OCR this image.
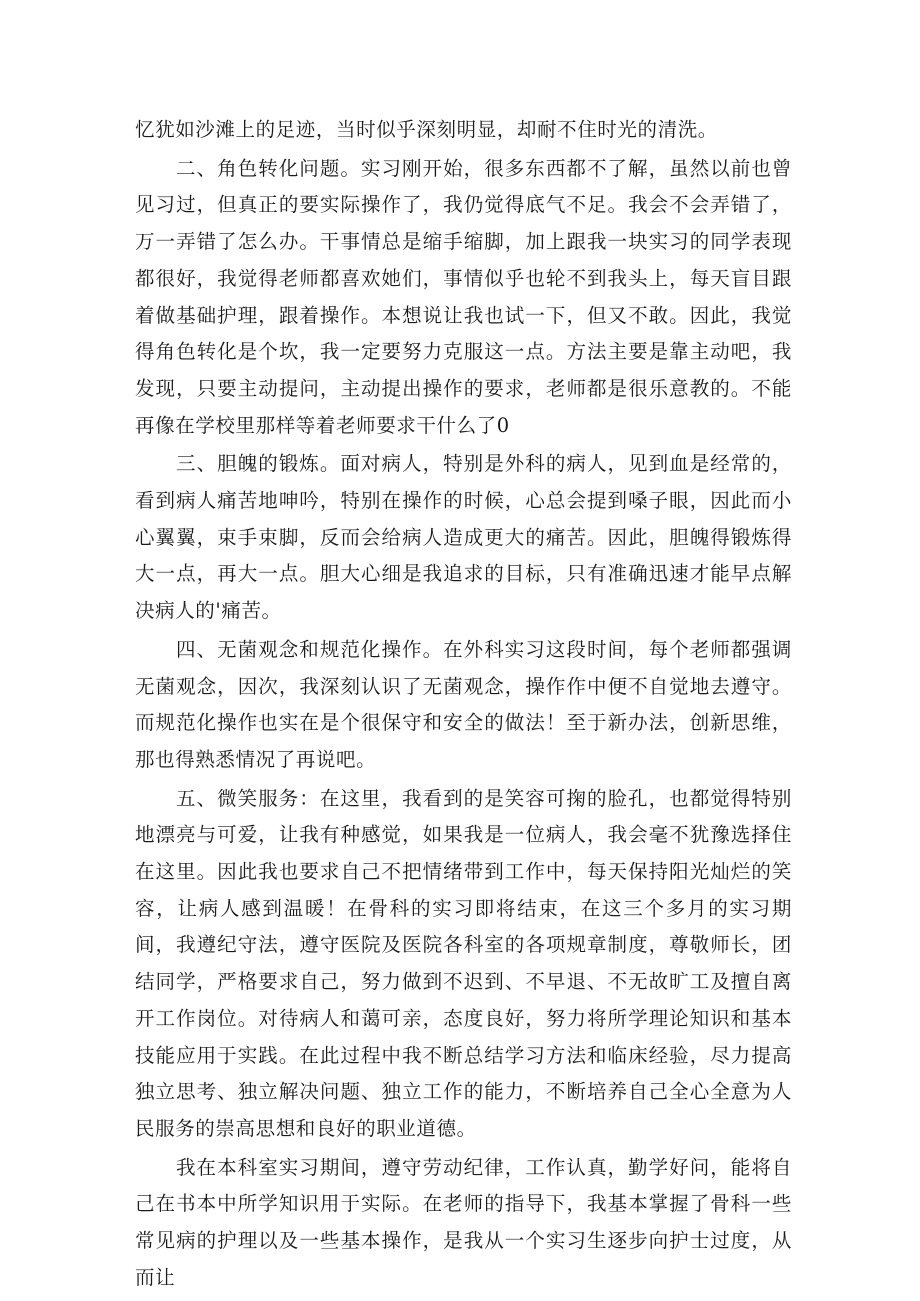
忆犹如沙滩上的足迹，当时似乎深刻明显，却耐不住时光的清洗。

二、角色转化问题。实习刚开始，很多东西都不了解，虽然以前也曾见习过，但真正的要实际操作了，我仍觉得底气不足。我会不会弄错了，万一弄错了怎么办。干事情总是缩手缩脚，加上跟我一块实习的同学表现都很好，我觉得老师都喜欢她们，事情似乎也轮不到我头上，每天盲目跟着做基础护理，跟着操作。本想说让我也试一下，但又不敢。因此，我觉得角色转化是个坎，我一定要努力克服这一点。方法主要是靠主动吧，我发现，只要主动提问，主动提出操作的要求，老师都是很乐意教的。不能再像在学校里那样等着老师要求干什么了0

三、胆魄的锻炼。面对病人，特别是外科的病人，见到血是经常的，看到病人痛苦地呻吟，特别在操作的时候，心总会提到嗓子眼，因此而小心翼翼，束手束脚，反而会给病人造成更大的痛苦。因此，胆魄得锻炼得大一点，再大一点。胆大心细是我追求的目标，只有准确迅速才能早点解决病人的'痛苦。

四、无菌观念和规范化操作。在外科实习这段时间，每个老师都强调无菌观念，因次，我深刻认识了无菌观念，操作作中便不自觉地去遵守。而规范化操作也实在是个很保守和安全的做法！至于新办法，创新思维，那也得熟悉情况了再说吧。

五、微笑服务：在这里，我看到的是笑容可掬的脸孔，也都觉得特别地漂亮与可爱，让我有种感觉，如果我是一位病人，我会毫不犹豫选择住在这里。因此我也要求自己不把情绪带到工作中，每天保持阳光灿烂的笑容，让病人感到温暖！在骨科的实习即将结束，在这三个多月的实习期间，我遵纪守法，遵守医院及医院各科室的各项规章制度，尊敬师长，团结同学，严格要求自己，努力做到不迟到、不早退、不无故旷工及擅自离开工作岗位。对待病人和蔼可亲，态度良好，努力将所学理论知识和基本技能应用于实践。在此过程中我不断总结学习方法和临床经验，尽力提高独立思考、独立解决问题、独立工作的能力，不断培养自己全心全意为人民服务的崇高思想和良好的职业道德。

我在本科室实习期间，遵守劳动纪律，工作认真，勤学好问，能将自己在书本中所学知识用于实际。在老师的指导下，我基本掌握了骨科一些常见病的护理以及一些基本操作，是我从一个实习生逐步向护士过度，从而让
